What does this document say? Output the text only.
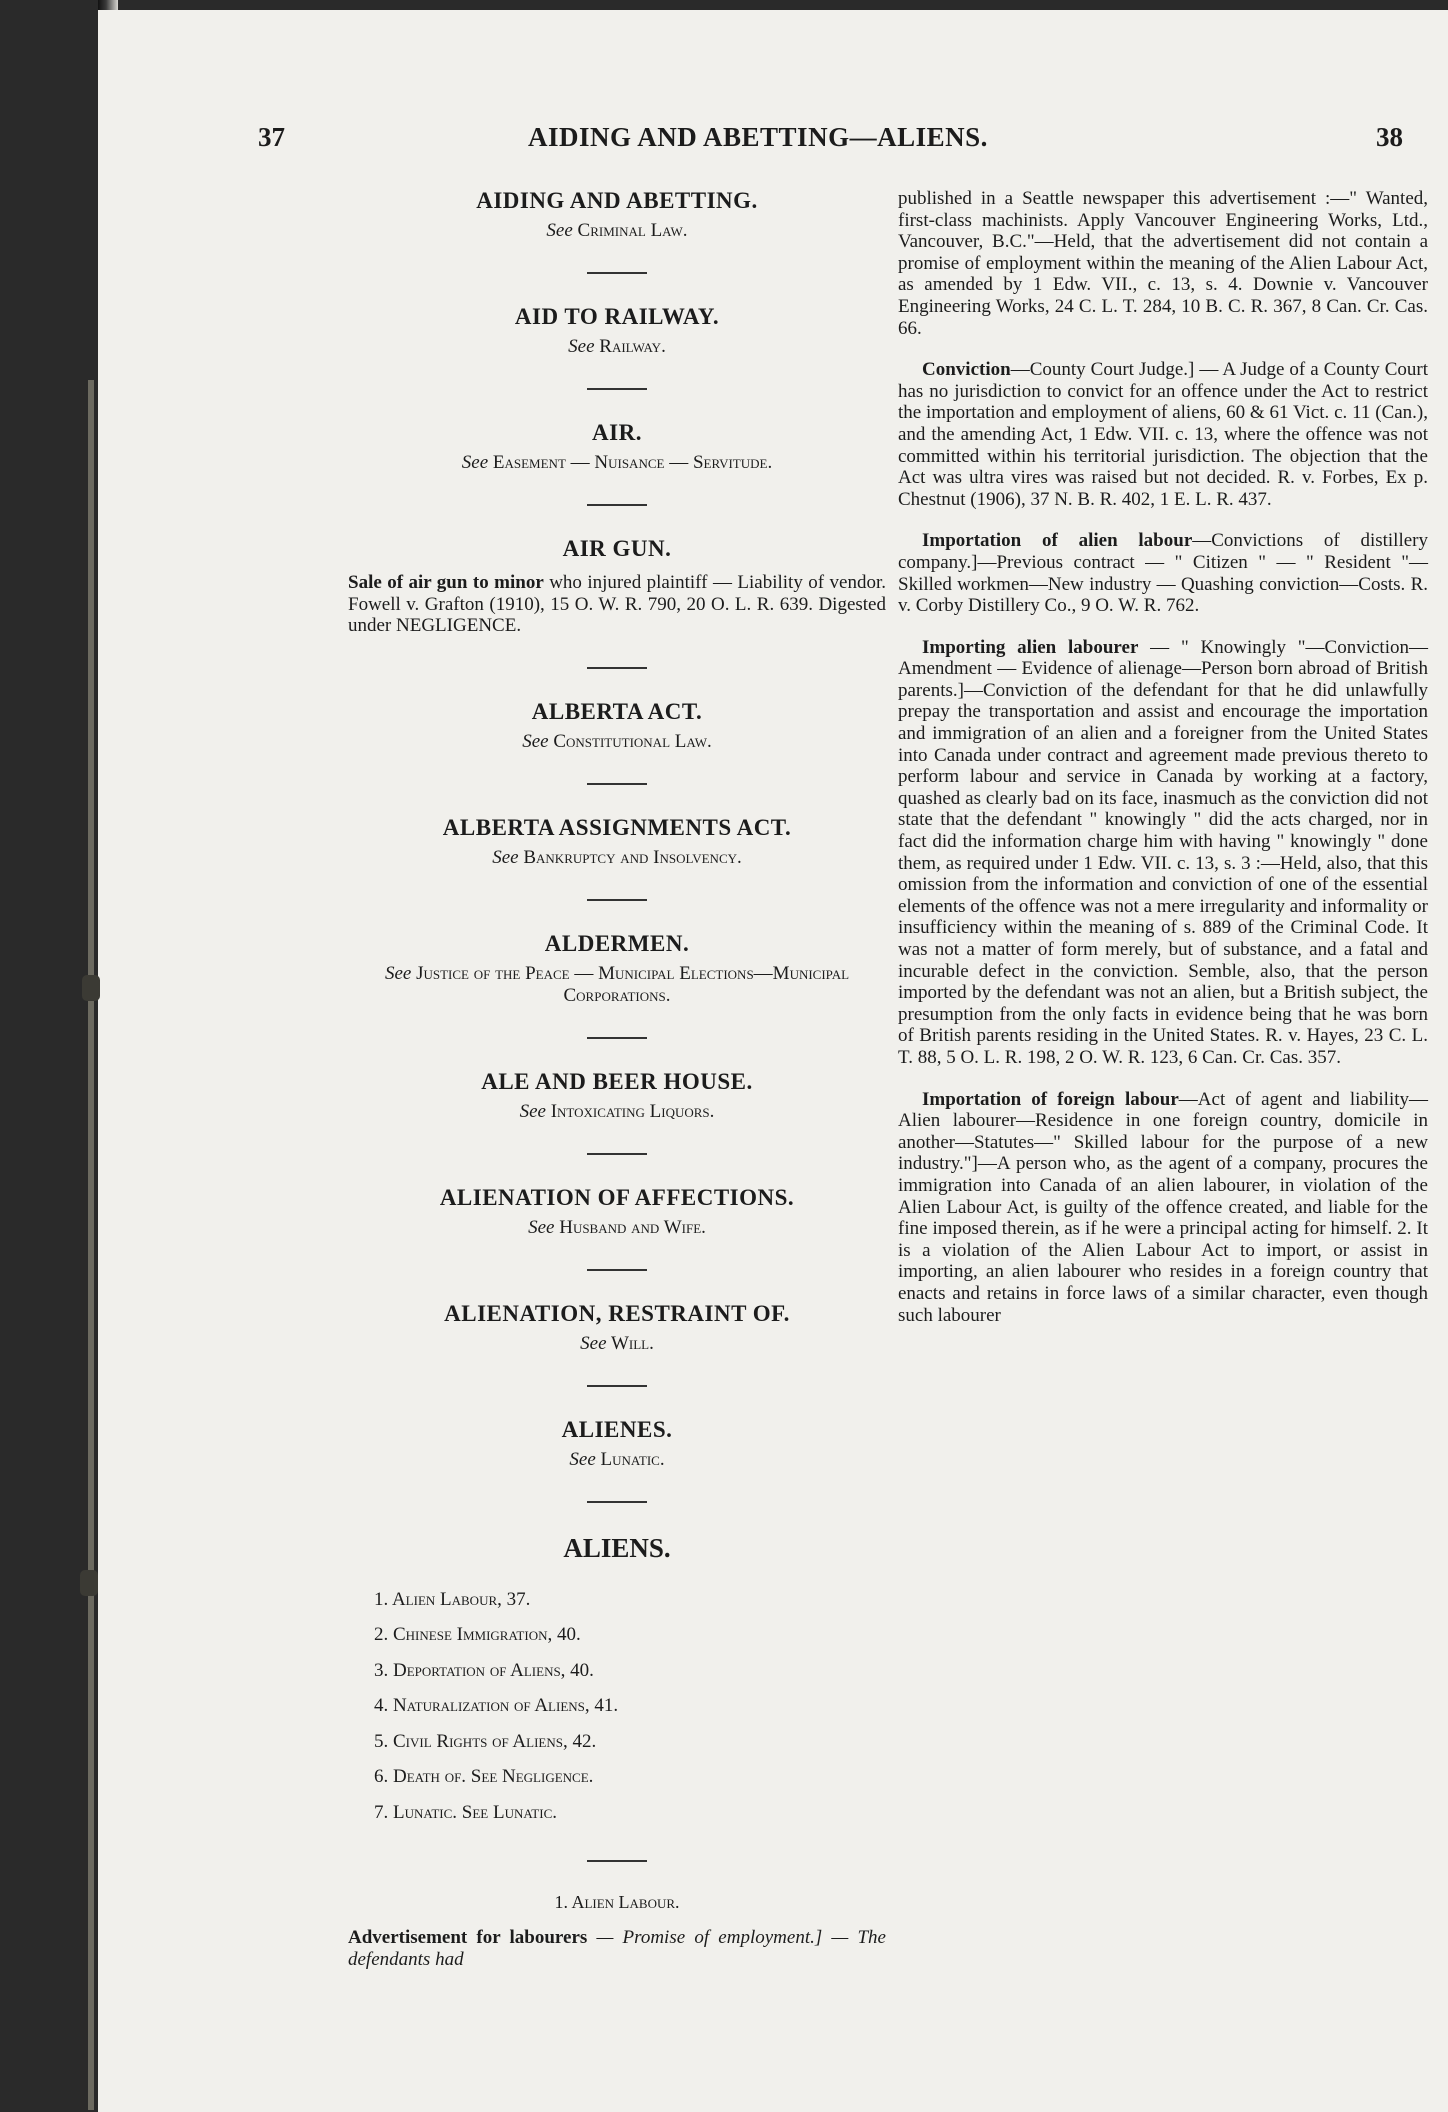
37	AIDING AND ABETTING—ALIENS.	38

AIDING AND ABETTING.

See Criminal Law.

AID TO RAILWAY.

See Railway.

AIR.

See Easement — Nuisance — Servitude.

AIR GUN.

Sale of air gun to minor who injured plaintiff — Liability of vendor. Fowell v. Grafton (1910), 15 O. W. R. 790, 20 O. L. R. 639. Digested under NEGLIGENCE.

ALBERTA ACT.

See Constitutional Law.

ALBERTA ASSIGNMENTS ACT.

See Bankruptcy and Insolvency.

ALDERMEN.

See Justice of the Peace — Municipal Elections—Municipal Corporations.

ALE AND BEER HOUSE.

See Intoxicating Liquors.

ALIENATION OF AFFECTIONS.

See Husband and Wife.

ALIENATION, RESTRAINT OF.

See Will.

ALIENES.

See Lunatic.

ALIENS.

1. Alien Labour, 37.
2. Chinese Immigration, 40.
3. Deportation of Aliens, 40.
4. Naturalization of Aliens, 41.
5. Civil Rights of Aliens, 42.
6. Death of. See Negligence.
7. Lunatic. See Lunatic.

1. Alien Labour.

Advertisement for labourers — Promise of employment.] — The defendants had

published in a Seattle newspaper this advertisement :—" Wanted, first-class machinists. Apply Vancouver Engineering Works, Ltd., Vancouver, B.C."—Held, that the advertisement did not contain a promise of employment within the meaning of the Alien Labour Act, as amended by 1 Edw. VII., c. 13, s. 4. Downie v. Vancouver Engineering Works, 24 C. L. T. 284, 10 B. C. R. 367, 8 Can. Cr. Cas. 66.

Conviction—County Court Judge.] — A Judge of a County Court has no jurisdiction to convict for an offence under the Act to restrict the importation and employment of aliens, 60 & 61 Vict. c. 11 (Can.), and the amending Act, 1 Edw. VII. c. 13, where the offence was not committed within his territorial jurisdiction. The objection that the Act was ultra vires was raised but not decided. R. v. Forbes, Ex p. Chestnut (1906), 37 N. B. R. 402, 1 E. L. R. 437.

Importation of alien labour—Convictions of distillery company.]—Previous contract — " Citizen " — " Resident "—Skilled workmen—New industry — Quashing conviction—Costs. R. v. Corby Distillery Co., 9 O. W. R. 762.

Importing alien labourer — " Knowingly "—Conviction—Amendment — Evidence of alienage—Person born abroad of British parents.]—Conviction of the defendant for that he did unlawfully prepay the transportation and assist and encourage the importation and immigration of an alien and a foreigner from the United States into Canada under contract and agreement made previous thereto to perform labour and service in Canada by working at a factory, quashed as clearly bad on its face, inasmuch as the conviction did not state that the defendant " knowingly " did the acts charged, nor in fact did the information charge him with having " knowingly " done them, as required under 1 Edw. VII. c. 13, s. 3 :—Held, also, that this omission from the information and conviction of one of the essential elements of the offence was not a mere irregularity and informality or insufficiency within the meaning of s. 889 of the Criminal Code. It was not a matter of form merely, but of substance, and a fatal and incurable defect in the conviction. Semble, also, that the person imported by the defendant was not an alien, but a British subject, the presumption from the only facts in evidence being that he was born of British parents residing in the United States. R. v. Hayes, 23 C. L. T. 88, 5 O. L. R. 198, 2 O. W. R. 123, 6 Can. Cr. Cas. 357.

Importation of foreign labour—Act of agent and liability—Alien labourer—Residence in one foreign country, domicile in another—Statutes—" Skilled labour for the purpose of a new industry."]—A person who, as the agent of a company, procures the immigration into Canada of an alien labourer, in violation of the Alien Labour Act, is guilty of the offence created, and liable for the fine imposed therein, as if he were a principal acting for himself. 2. It is a violation of the Alien Labour Act to import, or assist in importing, an alien labourer who resides in a foreign country that enacts and retains in force laws of a similar character, even though such labourer
